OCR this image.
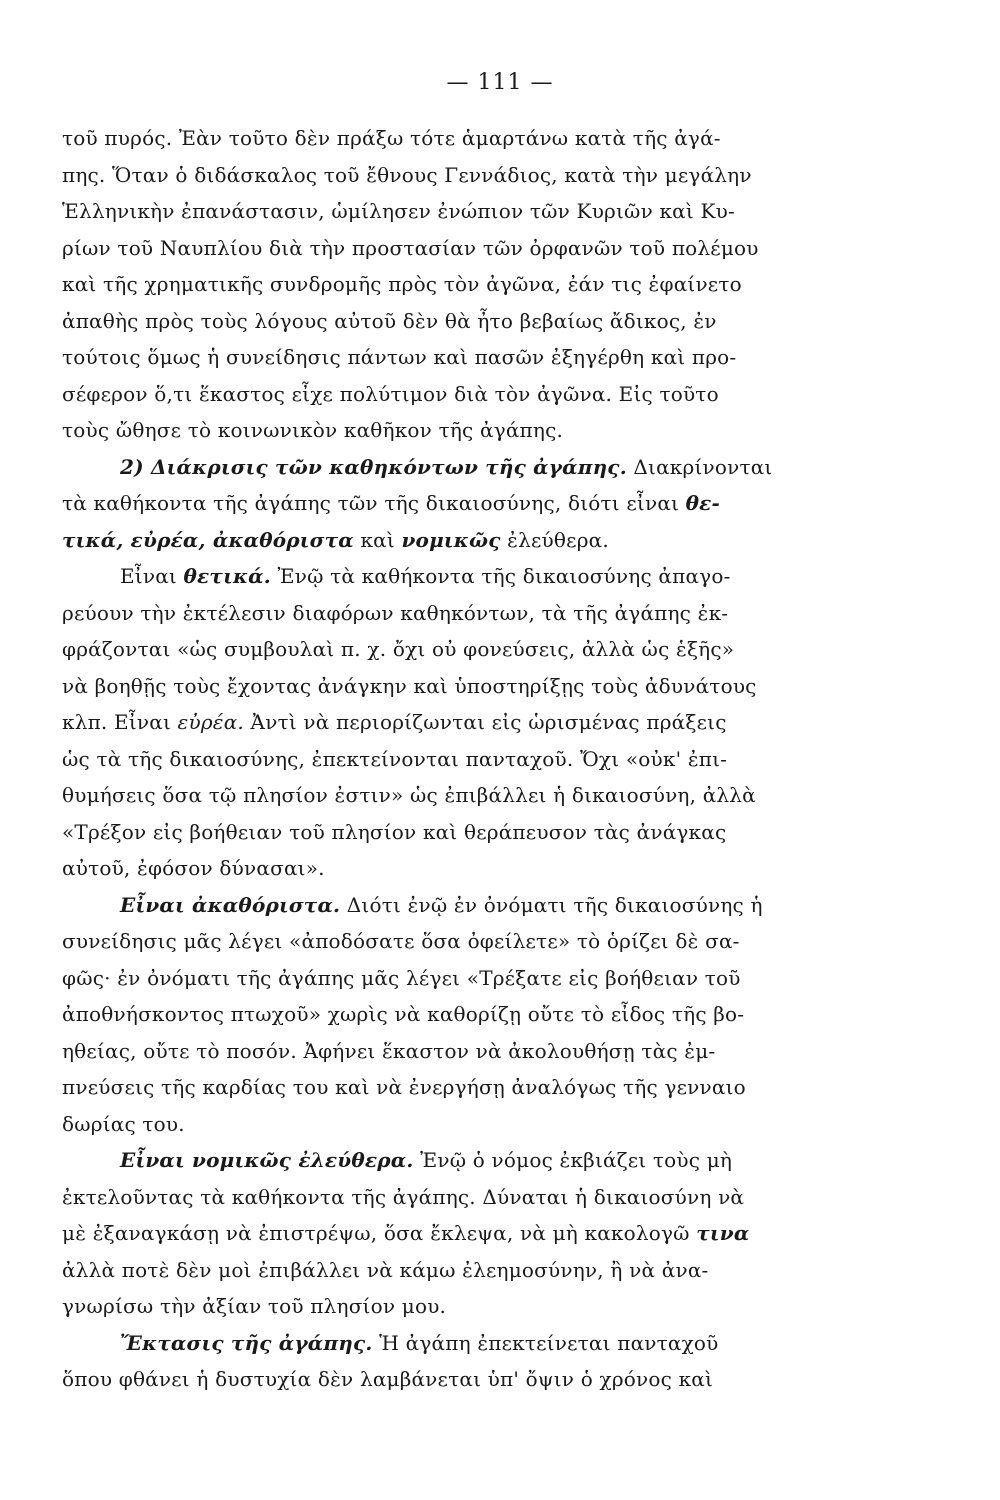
— 111 —
τοῦ πυρός. Ἐὰν τοῦτο δὲν πράξω τότε ἁμαρτάνω κατὰ τῆς ἀγά-
πης. Ὅταν ὁ διδάσκαλος τοῦ ἔθνους Γεννάδιος, κατὰ τὴν μεγάλην
Ἑλληνικὴν ἐπανάστασιν, ὡμίλησεν ἐνώπιον τῶν Κυριῶν καὶ Κυ-
ρίων τοῦ Ναυπλίου διὰ τὴν προστασίαν τῶν ὀρφανῶν τοῦ πολέμου
καὶ τῆς χρηματικῆς συνδρομῆς πρὸς τὸν ἀγῶνα, ἐάν τις ἐφαίνετο
ἀπαθὴς πρὸς τοὺς λόγους αὐτοῦ δὲν θὰ ἦτο βεβαίως ἄδικος, ἐν
τούτοις ὅμως ἡ συνείδησις πάντων καὶ πασῶν ἐξηγέρθη καὶ προ-
σέφερον ὅ,τι ἕκαστος εἶχε πολύτιμον διὰ τὸν ἀγῶνα. Εἰς τοῦτο
τοὺς ὤθησε τὸ κοινωνικὸν καθῆκον τῆς ἀγάπης.
2) Διάκρισις τῶν καθηκόντων τῆς ἀγάπης. Διακρίνονται
τὰ καθήκοντα τῆς ἀγάπης τῶν τῆς δικαιοσύνης, διότι εἶναι θε-
τικά, εὐρέα, ἀκαθόριστα καὶ νομικῶς ἐλεύθερα.
Εἶναι θετικά. Ἐνῷ τὰ καθήκοντα τῆς δικαιοσύνης ἀπαγο-
ρεύουν τὴν ἐκτέλεσιν διαφόρων καθηκόντων, τὰ τῆς ἀγάπης ἐκ-
φράζονται «ὡς συμβουλαὶ π. χ. ὄχι οὐ φονεύσεις, ἀλλὰ ὡς ἑξῆς»
νὰ βοηθῇς τοὺς ἔχοντας ἀνάγκην καὶ ὑποστηρίξῃς τοὺς ἀδυνάτους
κλπ. Εἶναι εὐρέα. Ἀντὶ νὰ περιορίζωνται εἰς ὡρισμένας πράξεις
ὡς τὰ τῆς δικαιοσύνης, ἐπεκτείνονται πανταχοῦ. Ὄχι «οὐκ' ἐπι-
θυμήσεις ὅσα τῷ πλησίον ἐστιν» ὡς ἐπιβάλλει ἡ δικαιοσύνη, ἀλλὰ
«Τρέξον εἰς βοήθειαν τοῦ πλησίον καὶ θεράπευσον τὰς ἀνάγκας
αὐτοῦ, ἐφόσον δύνασαι».
Εἶναι ἀκαθόριστα. Διότι ἐνῷ ἐν ὀνόματι τῆς δικαιοσύνης ἡ
συνείδησις μᾶς λέγει «ἀποδόσατε ὅσα ὀφείλετε» τὸ ὁρίζει δὲ σα-
φῶς· ἐν ὀνόματι τῆς ἀγάπης μᾶς λέγει «Τρέξατε εἰς βοήθειαν τοῦ
ἀποθνήσκοντος πτωχοῦ» χωρὶς νὰ καθορίζῃ οὔτε τὸ εἶδος τῆς βο-
ηθείας, οὔτε τὸ ποσόν. Ἀφήνει ἕκαστον νὰ ἀκολουθήσῃ τὰς ἐμ-
πνεύσεις τῆς καρδίας του καὶ νὰ ἐνεργήσῃ ἀναλόγως τῆς γενναιο
δωρίας του.
Εἶναι νομικῶς ἐλεύθερα. Ἐνῷ ὁ νόμος ἐκβιάζει τοὺς μὴ
ἐκτελοῦντας τὰ καθήκοντα τῆς ἀγάπης. Δύναται ἡ δικαιοσύνη νὰ
μὲ ἐξαναγκάσῃ νὰ ἐπιστρέψω, ὅσα ἔκλεψα, νὰ μὴ κακολογῶ τινα
ἀλλὰ ποτὲ δὲν μοὶ ἐπιβάλλει νὰ κάμω ἐλεημοσύνην, ἢ νὰ ἀνα-
γνωρίσω τὴν ἀξίαν τοῦ πλησίον μου.
Ἔκτασις τῆς ἀγάπης. Ἡ ἀγάπη ἐπεκτείνεται πανταχοῦ
ὅπου φθάνει ἡ δυστυχία δὲν λαμβάνεται ὑπ' ὄψιν ὁ χρόνος καὶ
